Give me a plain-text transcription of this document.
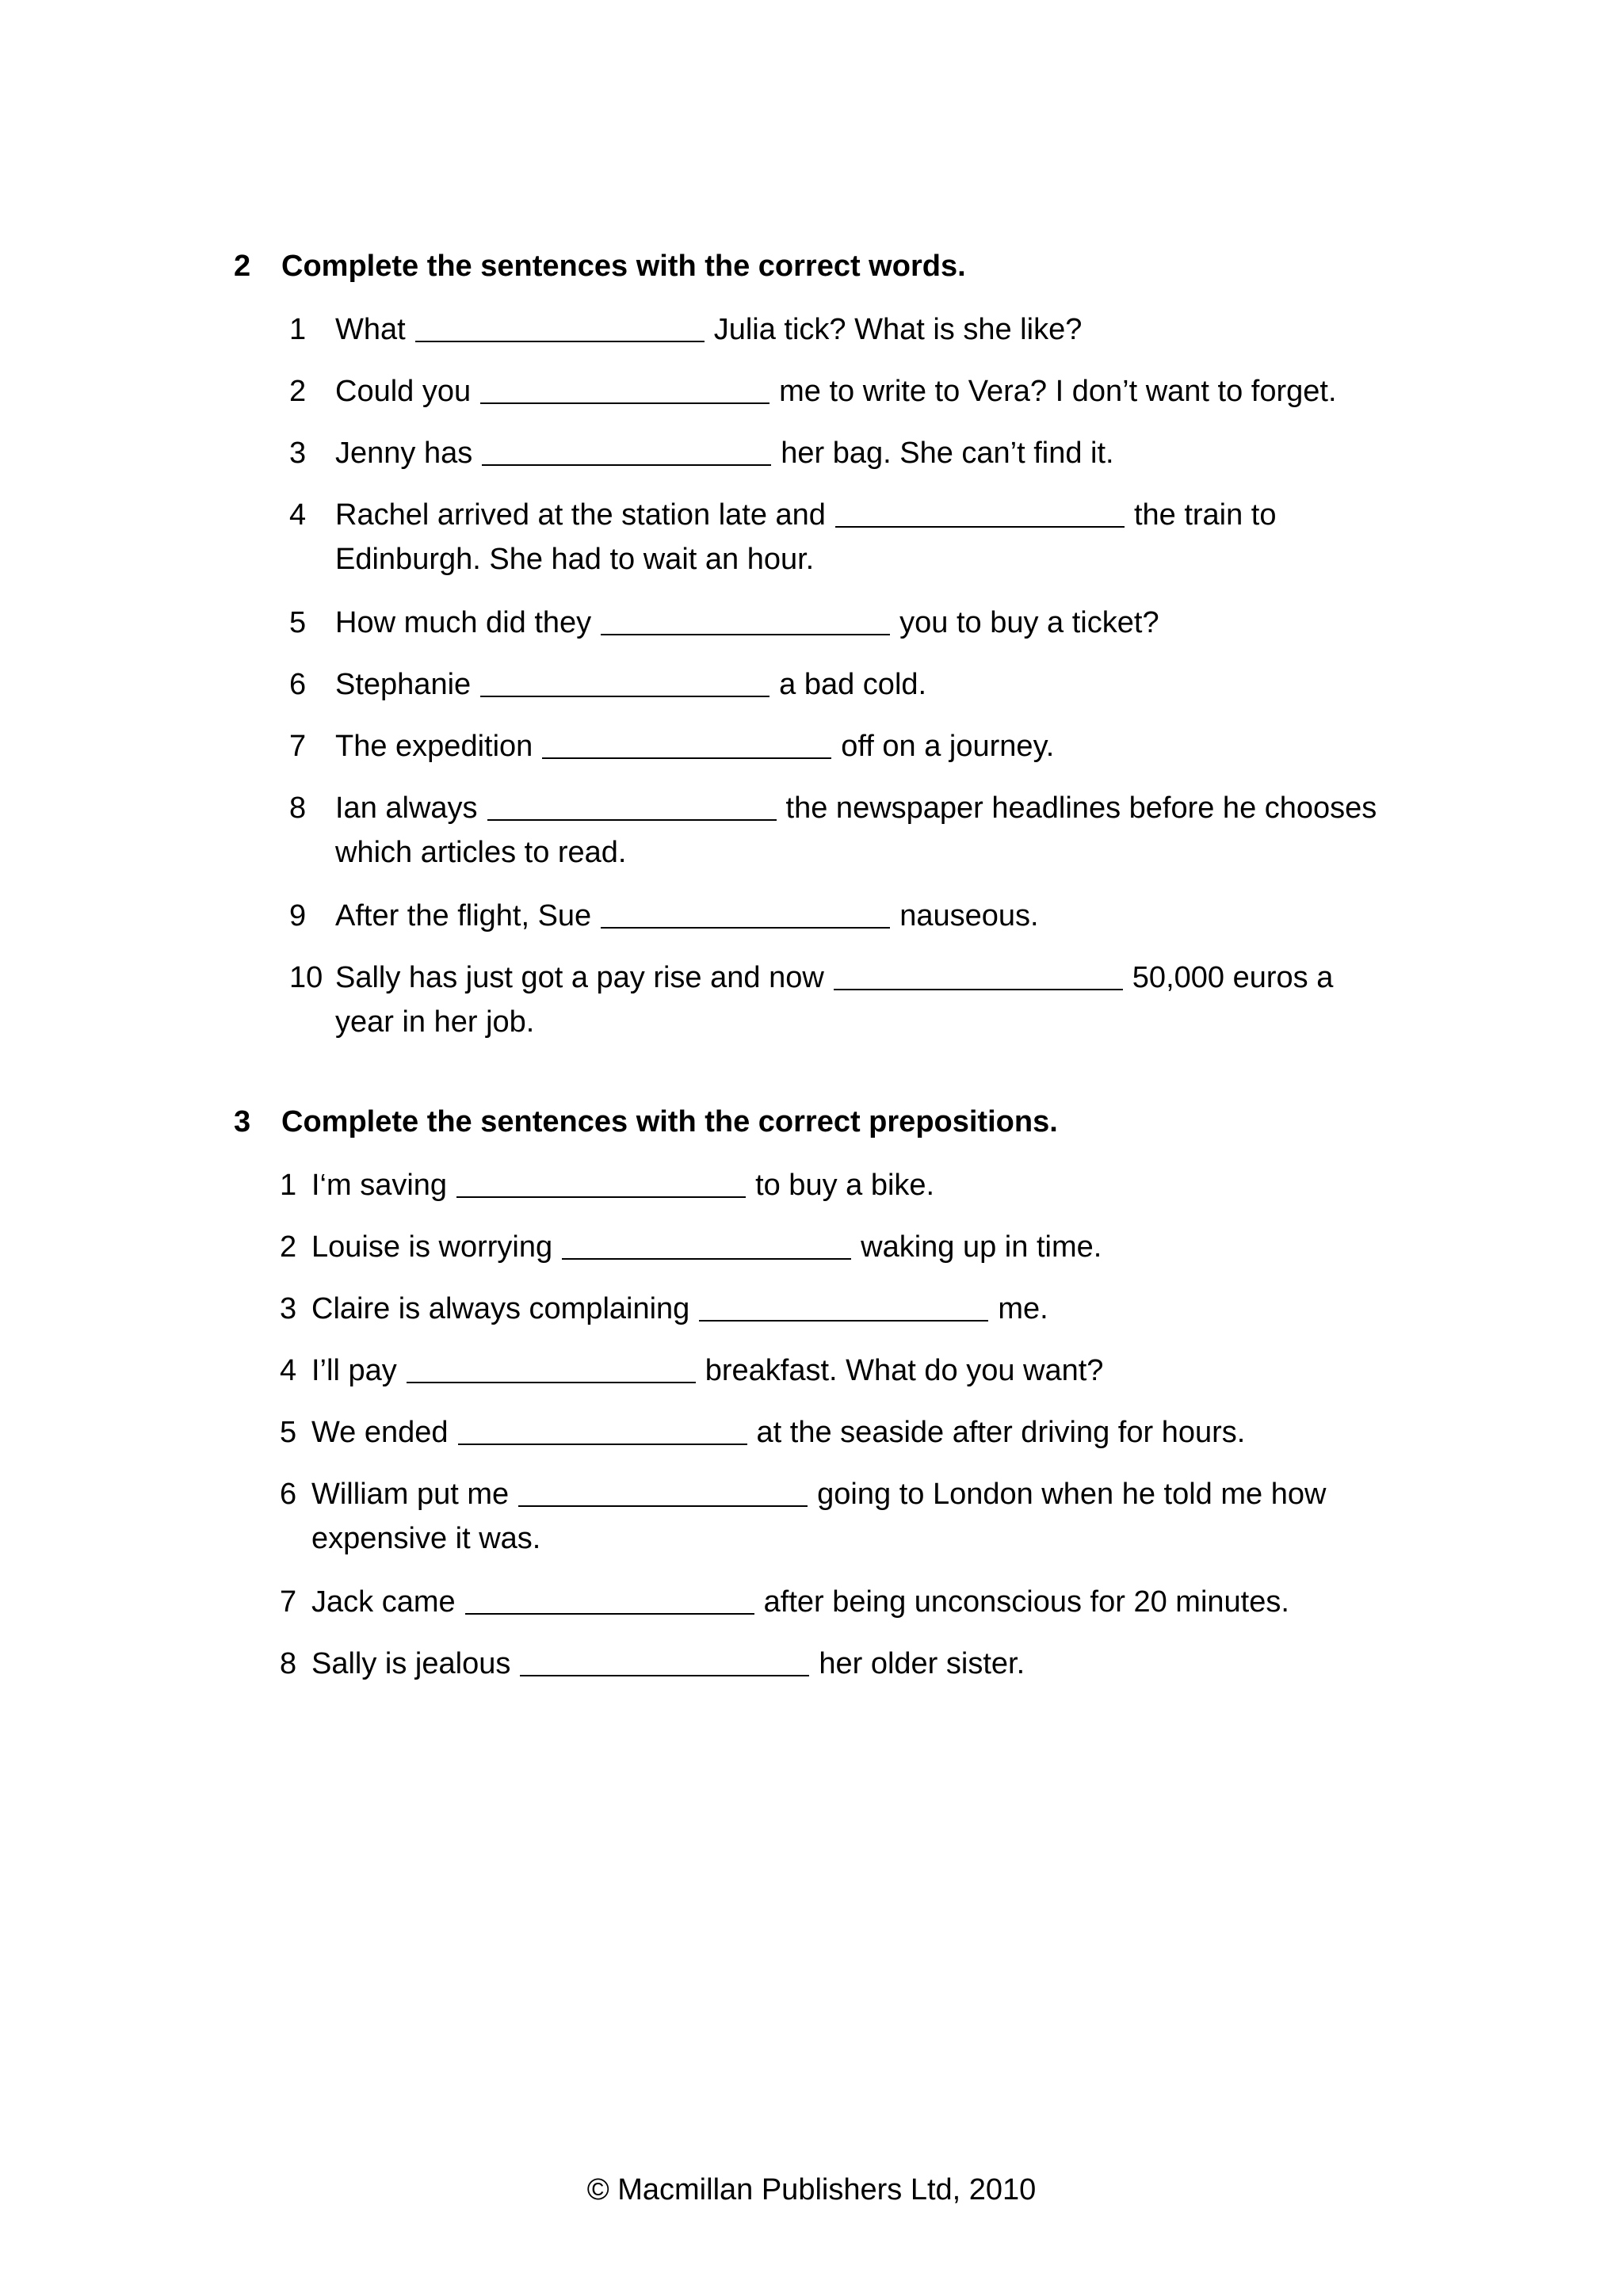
2 Complete the sentences with the correct words.
1 What	Julia tick? What is she like?
2 Could you	me to write to Vera? I don’t want to forget.
3 Jenny has	her bag. She can’t find it.
4 Rachel arrived at the station late and	the train to
Edinburgh. She had to wait an hour.
5 How much did they	you to buy a ticket?
6 Stephanie	a bad cold.
7 The expedition	off on a journey.
8 Ian always	the newspaper headlines before he chooses
which articles to read.
9 After the flight, Sue	nauseous.
10 Sally has just got a pay rise and now	50,000 euros a
year in her job.
3 Complete the sentences with the correct prepositions.
1 I‘m saving	to buy a bike.
2 Louise is worrying	waking up in time.
3 Claire is always complaining	me.
4 I’ll pay	breakfast. What do you want?
5 We ended	at the seaside after driving for hours.
6 William put me	going to London when he told me how
expensive it was.
7 Jack came	after being unconscious for 20 minutes.
8 Sally is jealous	her older sister.
© Macmillan Publishers Ltd, 2010
